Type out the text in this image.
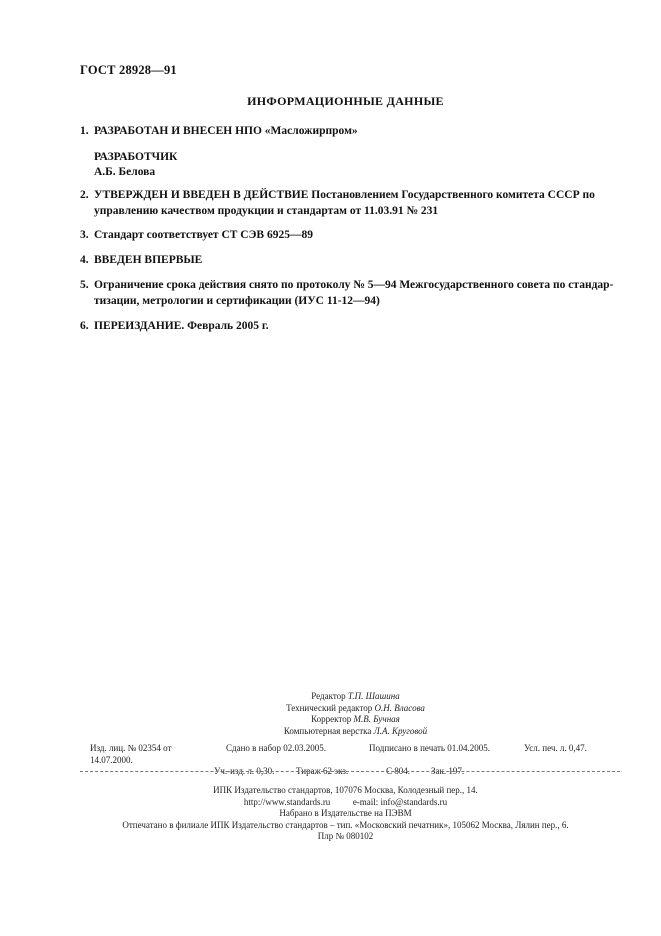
ГОСТ 28928—91
ИНФОРМАЦИОННЫЕ ДАННЫЕ
1. РАЗРАБОТАН И ВНЕСЕН НПО «Масложирпром»
РАЗРАБОТЧИК
А.Б. Белова
2. УТВЕРЖДЕН И ВВЕДЕН В ДЕЙСТВИЕ Постановлением Государственного комитета СССР по
управлению качеством продукции и стандартам от 11.03.91 № 231
3. Стандарт соответствует СТ СЭВ 6925—89
4. ВВЕДЕН ВПЕРВЫЕ
5. Ограничение срока действия снято по протоколу № 5—94 Межгосударственного совета по стандар-
тизации, метрологии и сертификации (ИУС 11-12—94)
6. ПЕРЕИЗДАНИЕ. Февраль 2005 г.
Редактор Т.П. Шашина
Технический редактор О.Н. Власова
Корректор М.В. Бучная
Компьютерная верстка Л.А. Круговой
Изд. лиц. № 02354 от 14.07.2000.
Сдано в набор 02.03.2005.	Подписано в печать 01.04.2005.	Усл. печ. л. 0,47.
Уч.-изд. л. 0,30.	Тираж 62 экз.	С 804.	Зак. 197.
ИПК Издательство стандартов, 107076 Москва, Колодезный пер., 14.
http://www.standards.ru	e-mail: info@standards.ru
Набрано в Издательстве на ПЭВМ
Отпечатано в филиале ИПК Издательство стандартов – тип. «Московский печатник», 105062 Москва, Лялин пер., 6.
Плр № 080102
